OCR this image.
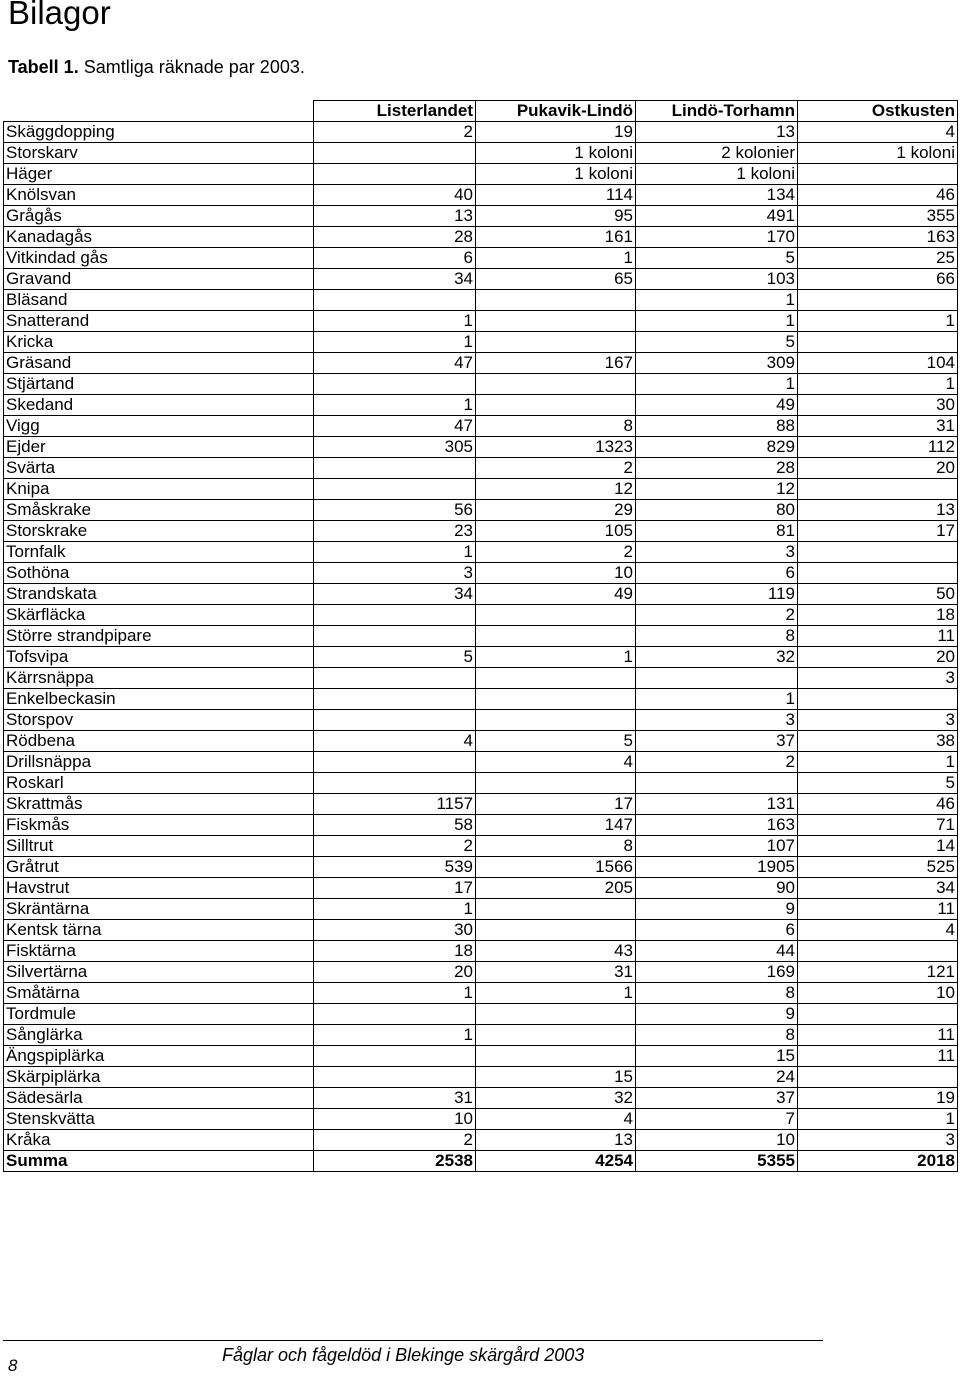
Bilagor
Tabell 1. Samtliga räknade par 2003.
		Listerlandet	Pukavik-Lindö	Lindö-Torhamn	Ostkusten
Skäggdopping		2	19	13	4
Storskarv			1 koloni	2 kolonier	1 koloni
Häger			1 koloni	1 koloni	
Knölsvan		40	114	134	46
Grågås		13	95	491	355
Kanadagås		28	161	170	163
Vitkindad gås		6	1	5	25
Gravand		34	65	103	66
Bläsand				1	
Snatterand		1		1	1
Kricka		1		5	
Gräsand		47	167	309	104
Stjärtand				1	1
Skedand		1		49	30
Vigg		47	8	88	31
Ejder		305	1323	829	112
Svärta			2	28	20
Knipa			12	12	
Småskrake		56	29	80	13
Storskrake		23	105	81	17
Tornfalk		1	2	3	
Sothöna		3	10	6	
Strandskata		34	49	119	50
Skärfläcka				2	18
Större strandpipare				8	11
Tofsvipa		5	1	32	20
Kärrsnäppa					3
Enkelbeckasin				1	
Storspov				3	3
Rödbena		4	5	37	38
Drillsnäppa			4	2	1
Roskarl					5
Skrattmås		1157	17	131	46
Fiskmås		58	147	163	71
Silltrut		2	8	107	14
Gråtrut		539	1566	1905	525
Havstrut		17	205	90	34
Skräntärna		1		9	11
Kentsk tärna		30		6	4
Fisktärna		18	43	44	
Silvertärna		20	31	169	121
Småtärna		1	1	8	10
Tordmule				9	
Sånglärka		1		8	11
Ängspiplärka				15	11
Skärpiplärka			15	24	
Sädesärla		31	32	37	19
Stenskvätta		10	4	7	1
Kråka		2	13	10	3
Summa		2538	4254	5355	2018
8
Fåglar och fågeldöd i Blekinge skärgård 2003
